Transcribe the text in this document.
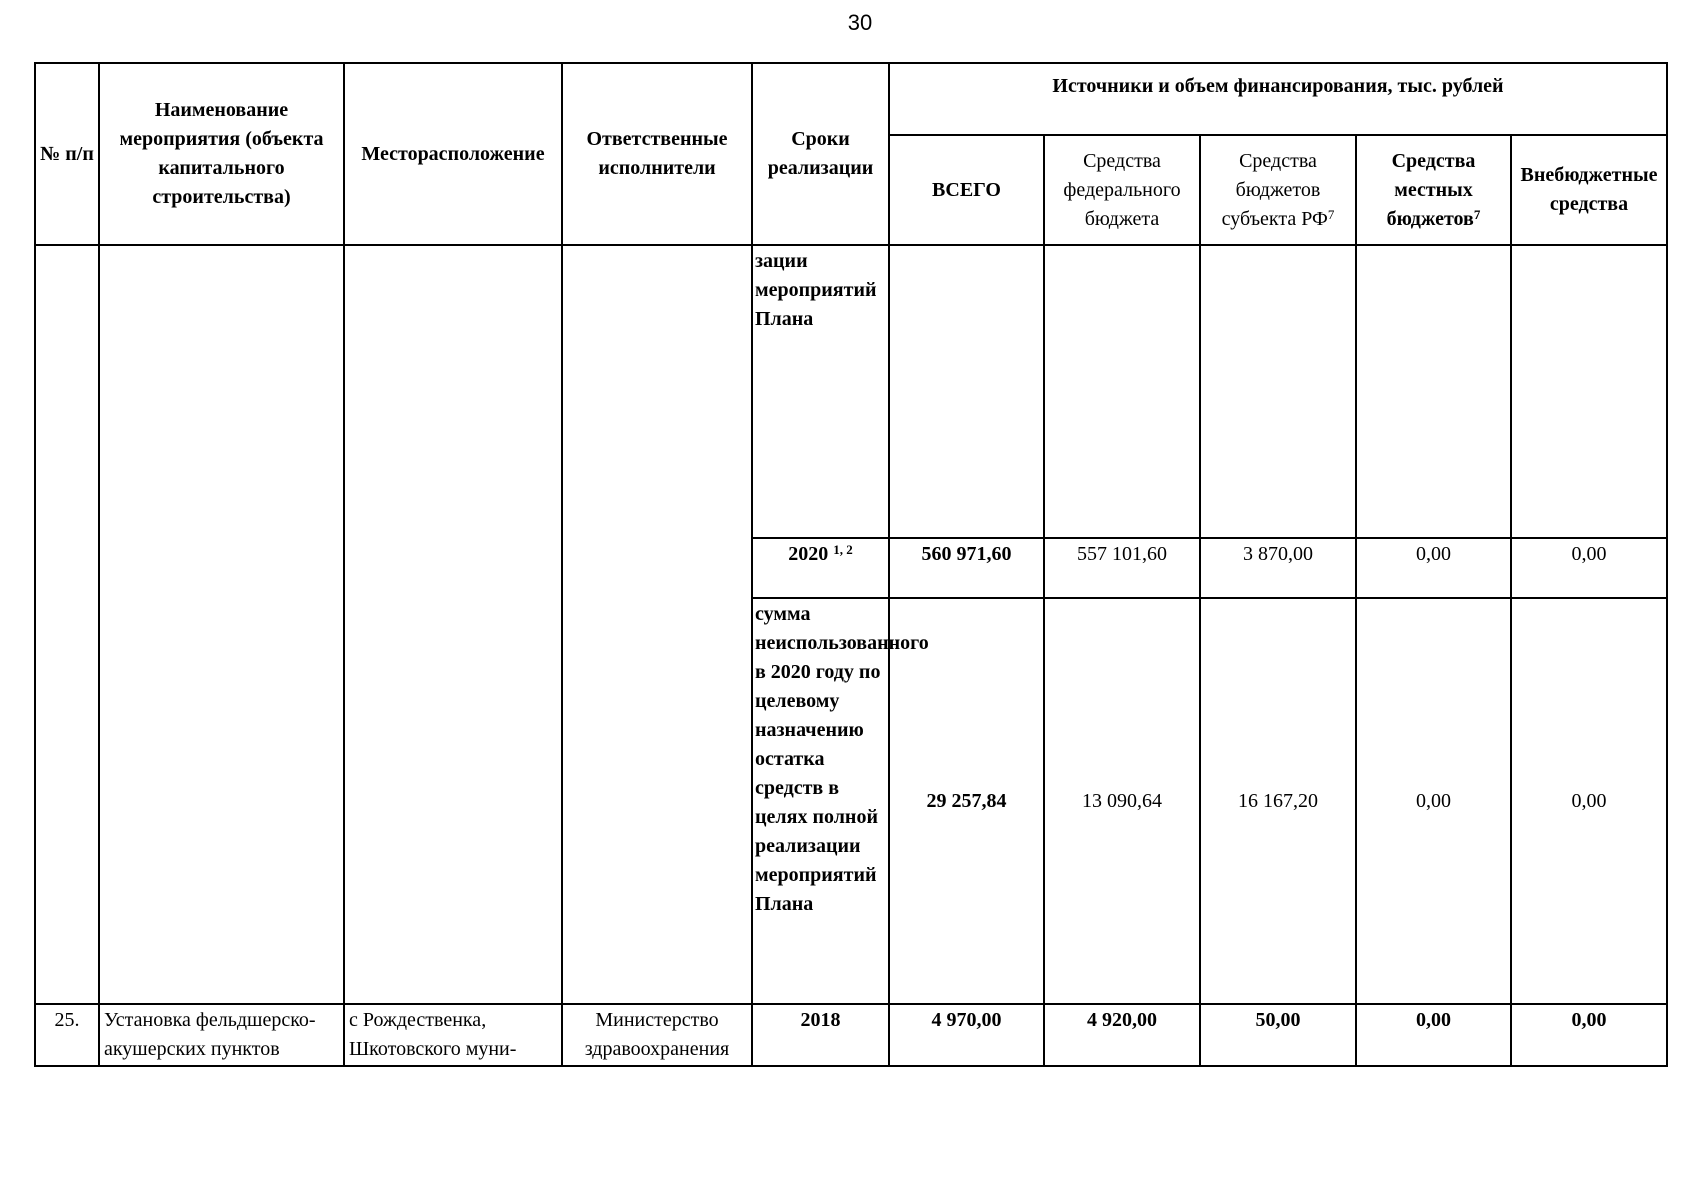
30
№ п/п	Наименование мероприятия (объекта капитального строительства)	Месторасположение	Ответственные исполнители	Сроки реализации	Источники и объем финансирования, тыс. рублей				
					ВСЕГО	Средства федерального бюджета	Средства бюджетов субъекта $РФ^7$	Средства местных бюджетов$^7$	Внебюджетные средства
				зации мероприятий Плана					
				2020 $^{1, 2}$	560 971,60	557 101,60	3 870,00	0,00	0,00
				сумма неиспользованного в 2020 году по целевому назначению остатка средств в целях полной реализации мероприятий Плана	29 257,84	13 090,64	16 167,20	0,00	0,00
25.	Установка фельдшерско-акушерских пунктов	с Рождественка, Шкотовского муни-	Министерство здравоохранения	2018	4 970,00	4 920,00	50,00	0,00	0,00
